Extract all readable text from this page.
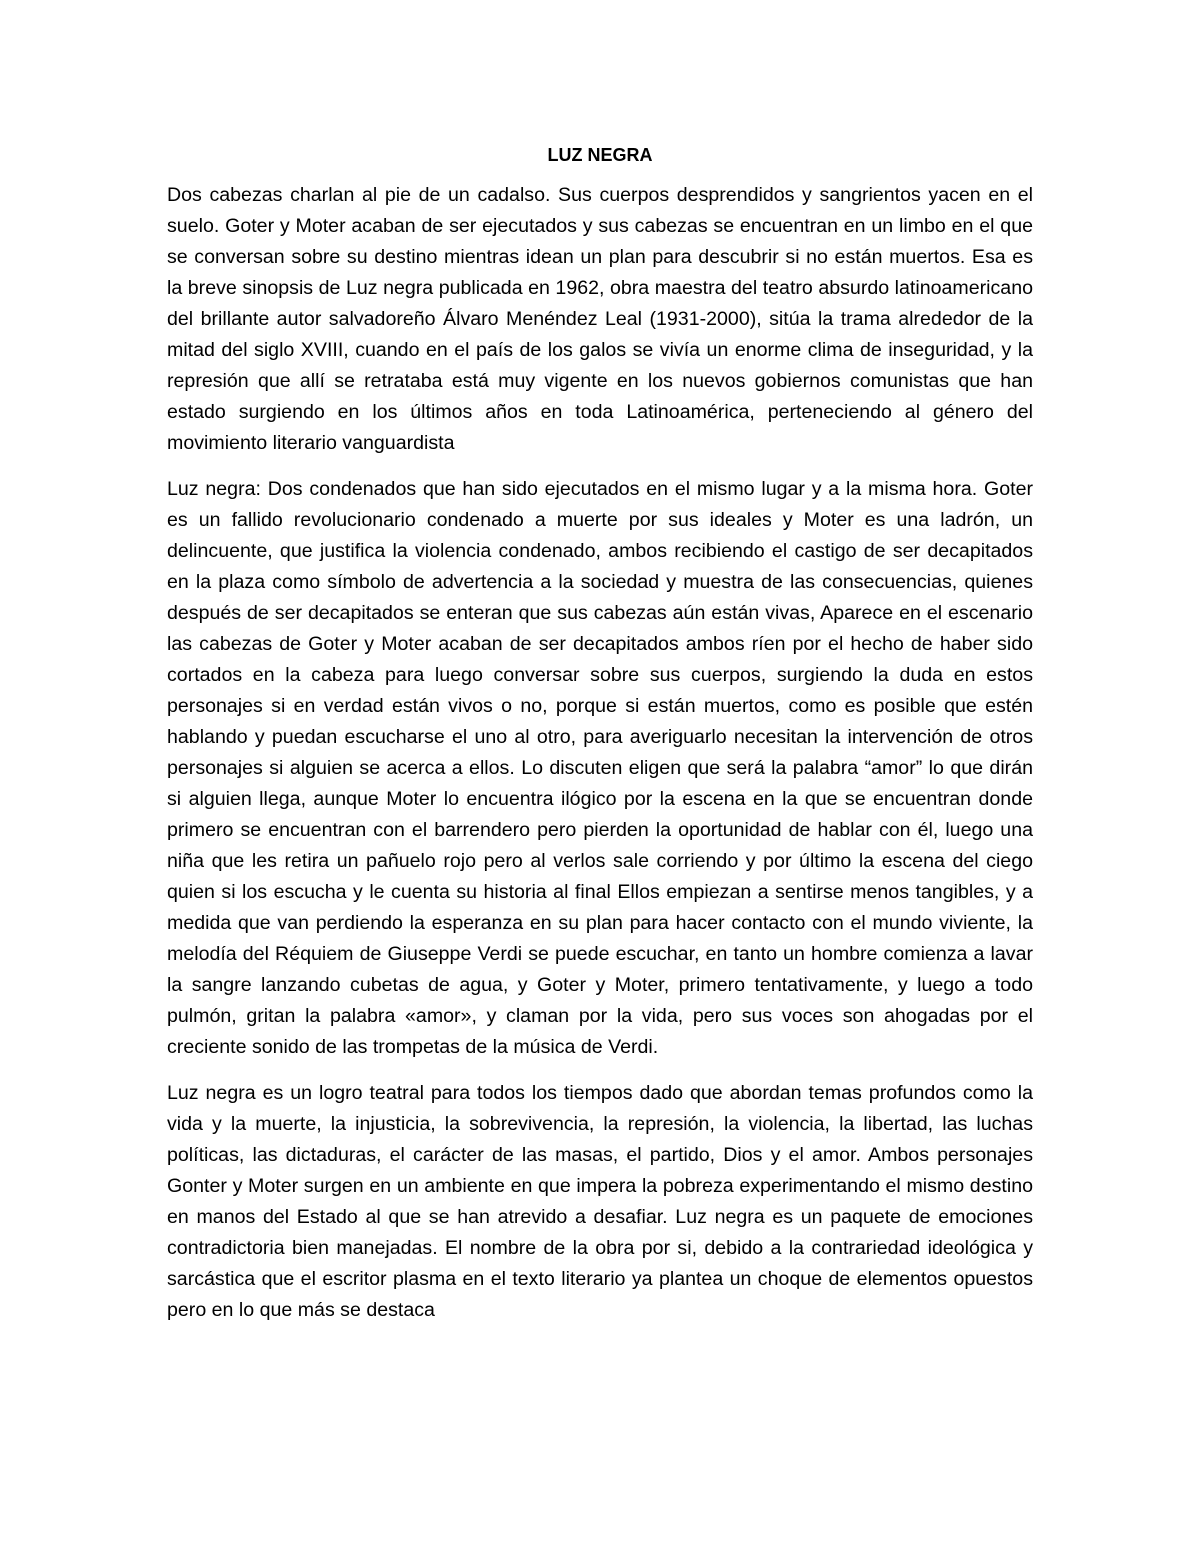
LUZ NEGRA

Dos cabezas charlan al pie de un cadalso. Sus cuerpos desprendidos y sangrientos yacen en el suelo. Goter y Moter acaban de ser ejecutados y sus cabezas se encuentran en un limbo en el que se conversan sobre su destino mientras idean un plan para descubrir si no están muertos. Esa es la breve sinopsis de Luz negra publicada en 1962, obra maestra del teatro absurdo latinoamericano del brillante autor salvadoreño Álvaro Menéndez Leal (1931-2000), sitúa la trama alrededor de la mitad del siglo XVIII, cuando en el país de los galos se vivía un enorme clima de inseguridad, y la represión que allí se retrataba está muy vigente en los nuevos gobiernos comunistas que han estado surgiendo en los últimos años en toda Latinoamérica, perteneciendo al género del movimiento literario vanguardista

Luz negra: Dos condenados que han sido ejecutados en el mismo lugar y a la misma hora. Goter es un fallido revolucionario condenado a muerte por sus ideales y Moter es una ladrón, un delincuente, que justifica la violencia condenado, ambos recibiendo el castigo de ser decapitados en la plaza como símbolo de advertencia a la sociedad y muestra de las consecuencias, quienes después de ser decapitados se enteran que sus cabezas aún están vivas, Aparece en el escenario las cabezas de Goter y Moter acaban de ser decapitados ambos ríen por el hecho de haber sido cortados en la cabeza para luego conversar sobre sus cuerpos, surgiendo la duda en estos personajes si en verdad están vivos o no, porque si están muertos, como es posible que estén hablando y puedan escucharse el uno al otro, para averiguarlo necesitan la intervención de otros personajes si alguien se acerca a ellos. Lo discuten eligen que será la palabra “amor” lo que dirán si alguien llega, aunque Moter lo encuentra ilógico por la escena en la que se encuentran donde primero se encuentran con el barrendero pero pierden la oportunidad de hablar con él, luego una niña que les retira un pañuelo rojo pero al verlos sale corriendo y por último la escena del ciego quien si los escucha y le cuenta su historia al final Ellos empiezan a sentirse menos tangibles, y a medida que van perdiendo la esperanza en su plan para hacer contacto con el mundo viviente, la melodía del Réquiem de Giuseppe Verdi se puede escuchar, en tanto un hombre comienza a lavar la sangre lanzando cubetas de agua, y Goter y Moter, primero tentativamente, y luego a todo pulmón, gritan la palabra «amor», y claman por la vida, pero sus voces son ahogadas por el creciente sonido de las trompetas de la música de Verdi.

Luz negra es un logro teatral para todos los tiempos dado que abordan temas profundos como la vida y la muerte, la injusticia, la sobrevivencia, la represión, la violencia, la libertad, las luchas políticas, las dictaduras, el carácter de las masas, el partido, Dios y el amor. Ambos personajes Gonter y Moter surgen en un ambiente en que impera la pobreza experimentando el mismo destino en manos del Estado al que se han atrevido a desafiar. Luz negra es un paquete de emociones contradictoria bien manejadas. El nombre de la obra por si, debido a la contrariedad ideológica y sarcástica que el escritor plasma en el texto literario ya plantea un choque de elementos opuestos pero en lo que más se destaca
